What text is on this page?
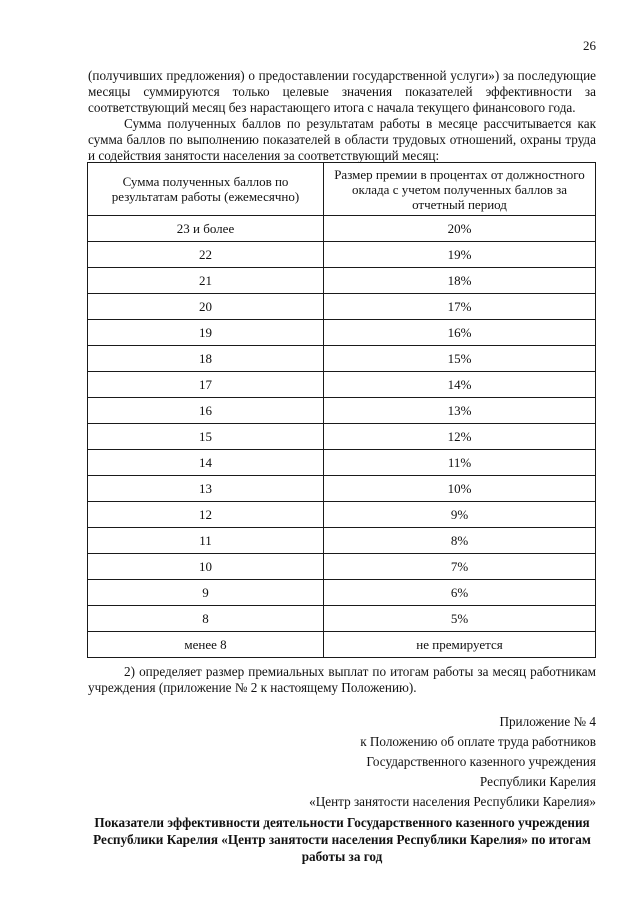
26

(получивших предложения) о предоставлении государственной услуги») за последующие месяцы суммируются только целевые значения показателей эффективности за соответствующий месяц без нарастающего итога с начала текущего финансового года.

Сумма полученных баллов по результатам работы в месяце рассчитывается как сумма баллов по выполнению показателей в области трудовых отношений, охраны труда и содействия занятости населения за соответствующий месяц:

Сумма полученных баллов по результатам работы (ежемесячно)	Размер премии в процентах от должностного оклада с учетом полученных баллов за отчетный период
23 и более	20%
22	19%
21	18%
20	17%
19	16%
18	15%
17	14%
16	13%
15	12%
14	11%
13	10%
12	9%
11	8%
10	7%
9	6%
8	5%
менее 8	не премируется

2) определяет размер премиальных выплат по итогам работы за месяц работникам учреждения (приложение № 2 к настоящему Положению).

Приложение № 4
к Положению об оплате труда работников
Государственного казенного учреждения
Республики Карелия
«Центр занятости населения Республики Карелия»
Показатели эффективности деятельности Государственного казенного учреждения Республики Карелия «Центр занятости населения Республики Карелия» по итогам работы за год
